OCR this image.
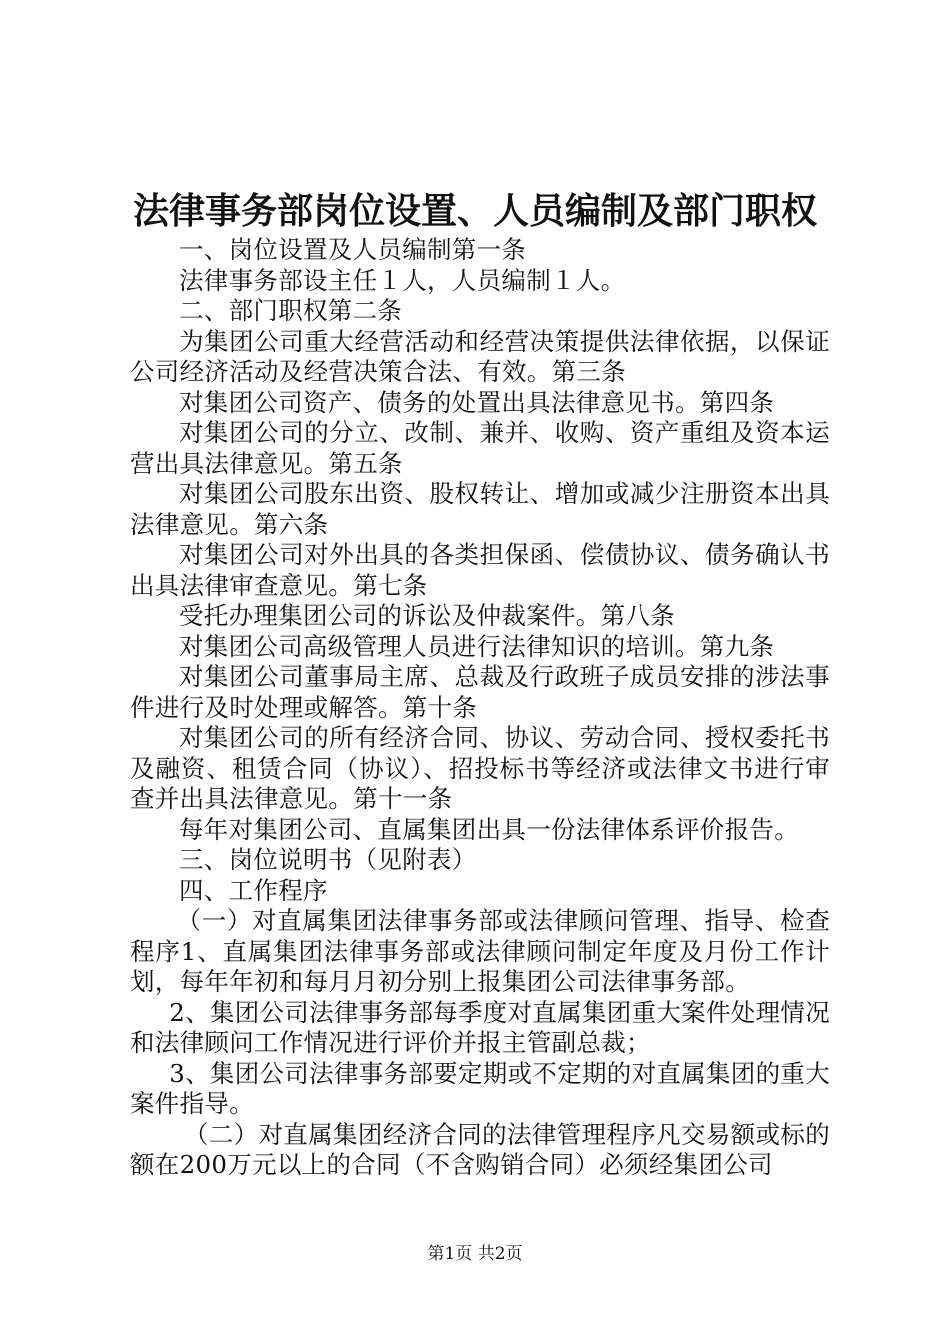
法律事务部岗位设置、人员编制及部门职权

一、岗位设置及人员编制第一条

法律事务部设主任１人，人员编制１人。

二、部门职权第二条

为集团公司重大经营活动和经营决策提供法律依据，以保证公司经济活动及经营决策合法、有效。第三条

对集团公司资产、债务的处置出具法律意见书。第四条

对集团公司的分立、改制、兼并、收购、资产重组及资本运营出具法律意见。第五条

对集团公司股东出资、股权转让、增加或减少注册资本出具法律意见。第六条

对集团公司对外出具的各类担保函、偿债协议、债务确认书出具法律审查意见。第七条

受托办理集团公司的诉讼及仲裁案件。第八条

对集团公司高级管理人员进行法律知识的培训。第九条

对集团公司董事局主席、总裁及行政班子成员安排的涉法事件进行及时处理或解答。第十条

对集团公司的所有经济合同、协议、劳动合同、授权委托书及融资、租赁合同（协议）、招投标书等经济或法律文书进行审查并出具法律意见。第十一条

每年对集团公司、直属集团出具一份法律体系评价报告。

三、岗位说明书（见附表）

四、工作程序

（一）对直属集团法律事务部或法律顾问管理、指导、检查程序1、直属集团法律事务部或法律顾问制定年度及月份工作计划，每年年初和每月月初分别上报集团公司法律事务部。

2、集团公司法律事务部每季度对直属集团重大案件处理情况和法律顾问工作情况进行评价并报主管副总裁；

3、集团公司法律事务部要定期或不定期的对直属集团的重大案件指导。

（二）对直属集团经济合同的法律管理程序凡交易额或标的额在200万元以上的合同（不含购销合同）必须经集团公司

第1页 共2页
